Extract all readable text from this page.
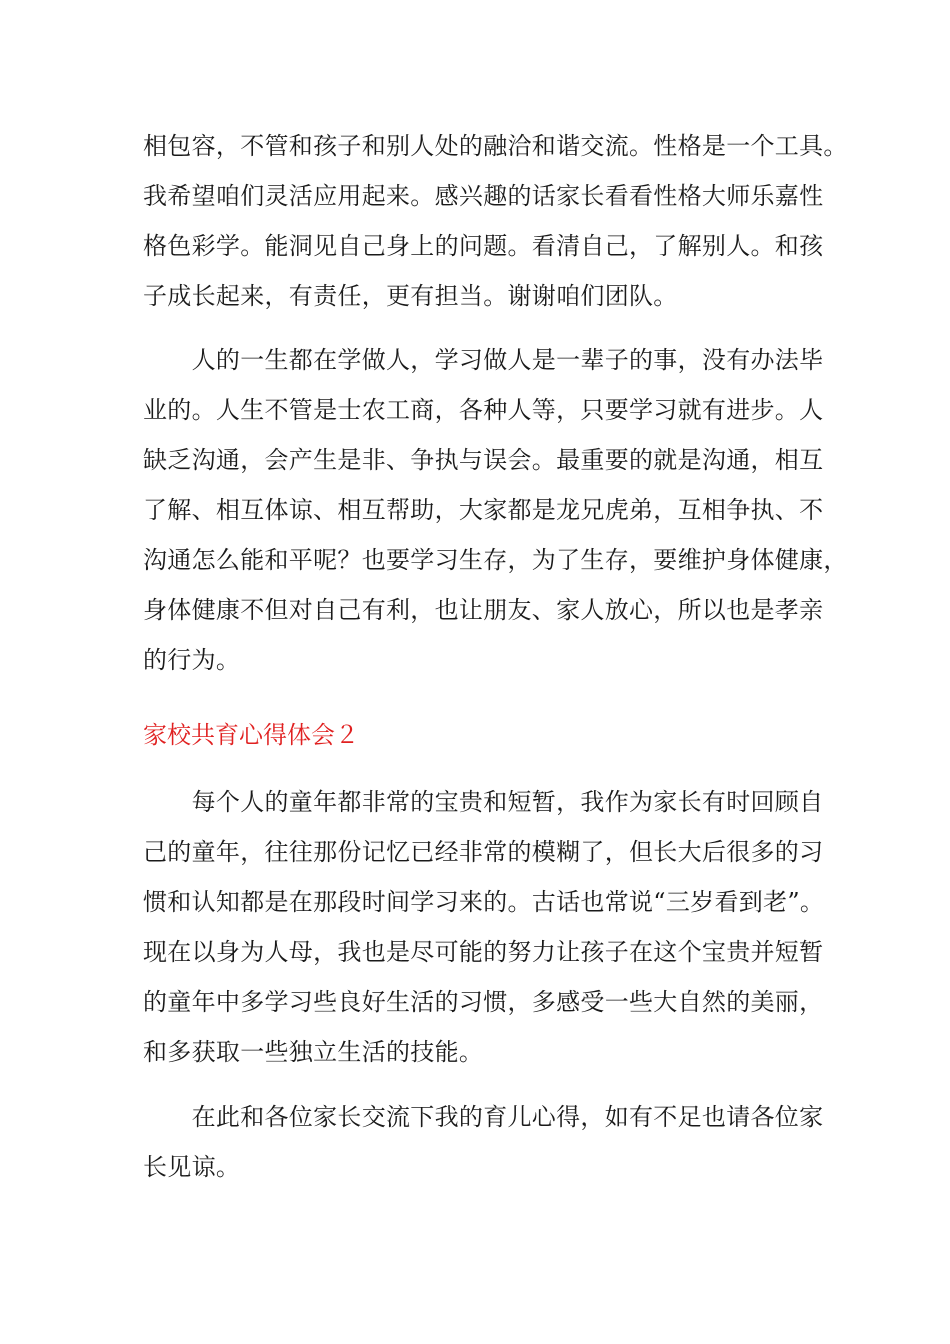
相包容，不管和孩子和别人处的融洽和谐交流。性格是一个工具。
我希望咱们灵活应用起来。感兴趣的话家长看看性格大师乐嘉性
格色彩学。能洞见自己身上的问题。看清自己，了解别人。和孩
子成长起来，有责任，更有担当。谢谢咱们团队。
　　人的一生都在学做人，学习做人是一辈子的事，没有办法毕
业的。人生不管是士农工商，各种人等，只要学习就有进步。人
缺乏沟通，会产生是非、争执与误会。最重要的就是沟通，相互
了解、相互体谅、相互帮助，大家都是龙兄虎弟，互相争执、不
沟通怎么能和平呢？也要学习生存，为了生存，要维护身体健康，
身体健康不但对自己有利，也让朋友、家人放心，所以也是孝亲
的行为。
家校共育心得体会２
　　每个人的童年都非常的宝贵和短暂，我作为家长有时回顾自
己的童年，往往那份记忆已经非常的模糊了，但长大后很多的习
惯和认知都是在那段时间学习来的。古话也常说“三岁看到老”。
现在以身为人母，我也是尽可能的努力让孩子在这个宝贵并短暂
的童年中多学习些良好生活的习惯，多感受一些大自然的美丽，
和多获取一些独立生活的技能。
　　在此和各位家长交流下我的育儿心得，如有不足也请各位家
长见谅。
